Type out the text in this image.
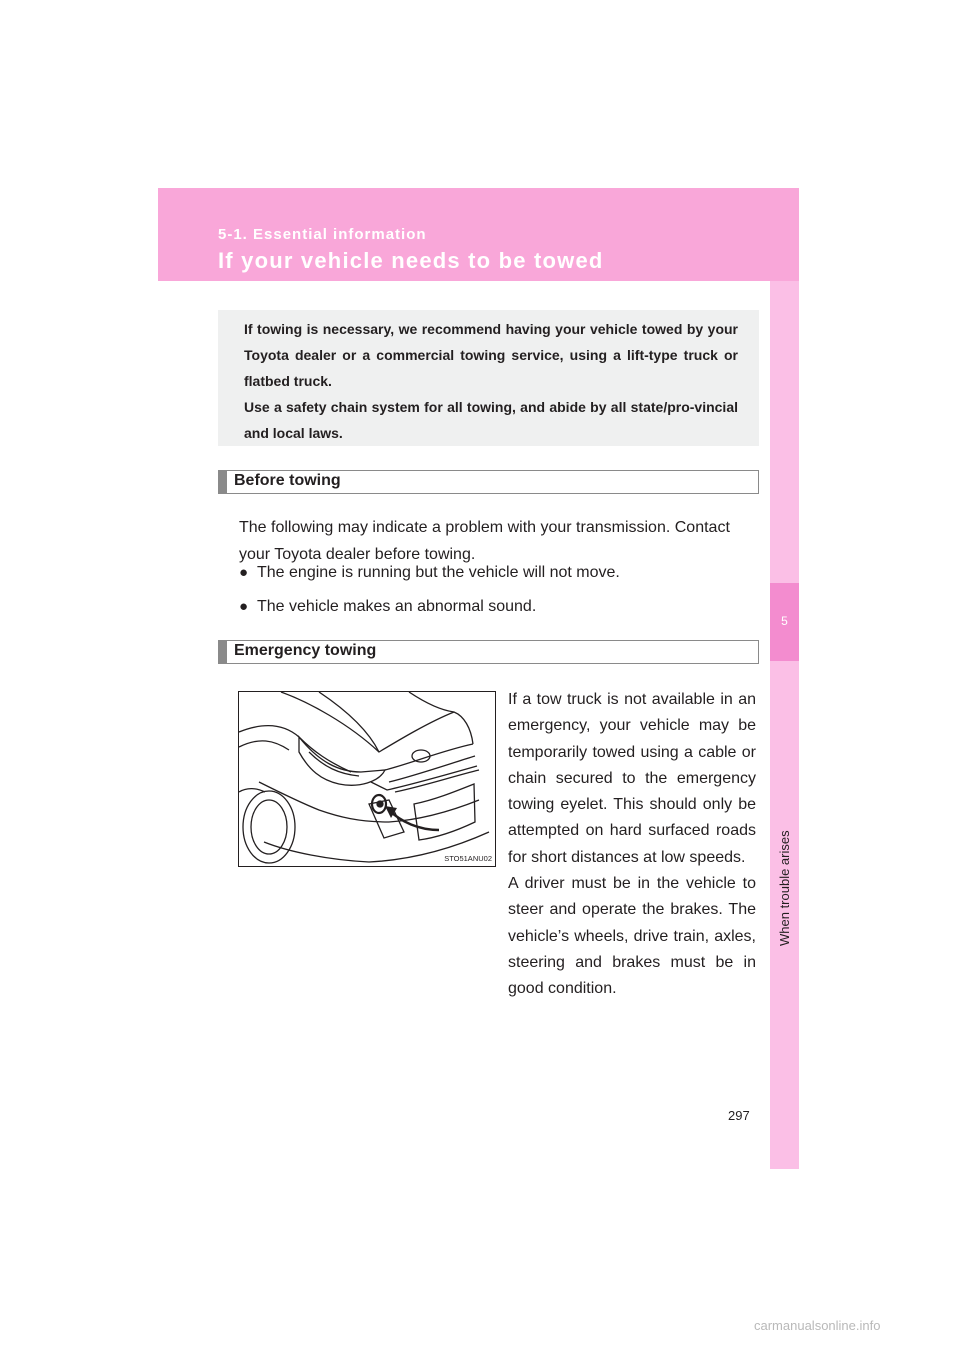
5-1. Essential information
If your vehicle needs to be towed
5
When trouble arises

If towing is necessary, we recommend having your vehicle towed by your Toyota dealer or a commercial towing service, using a lift-type truck or flatbed truck.

Use a safety chain system for all towing, and abide by all state/pro-vincial and local laws.

Before towing

The following may indicate a problem with your transmission. Contact your Toyota dealer before towing.

● The engine is running but the vehicle will not move.
● The vehicle makes an abnormal sound.
Emergency towing
STO51ANU02

If a tow truck is not available in an emergency, your vehicle may be temporarily towed using a cable or chain secured to the emergency towing eyelet. This should only be attempted on hard surfaced roads for short distances at low speeds.

A driver must be in the vehicle to steer and operate the brakes. The vehicle’s wheels, drive train, axles, steering and brakes must be in good condition.

297
carmanualsonline.info
